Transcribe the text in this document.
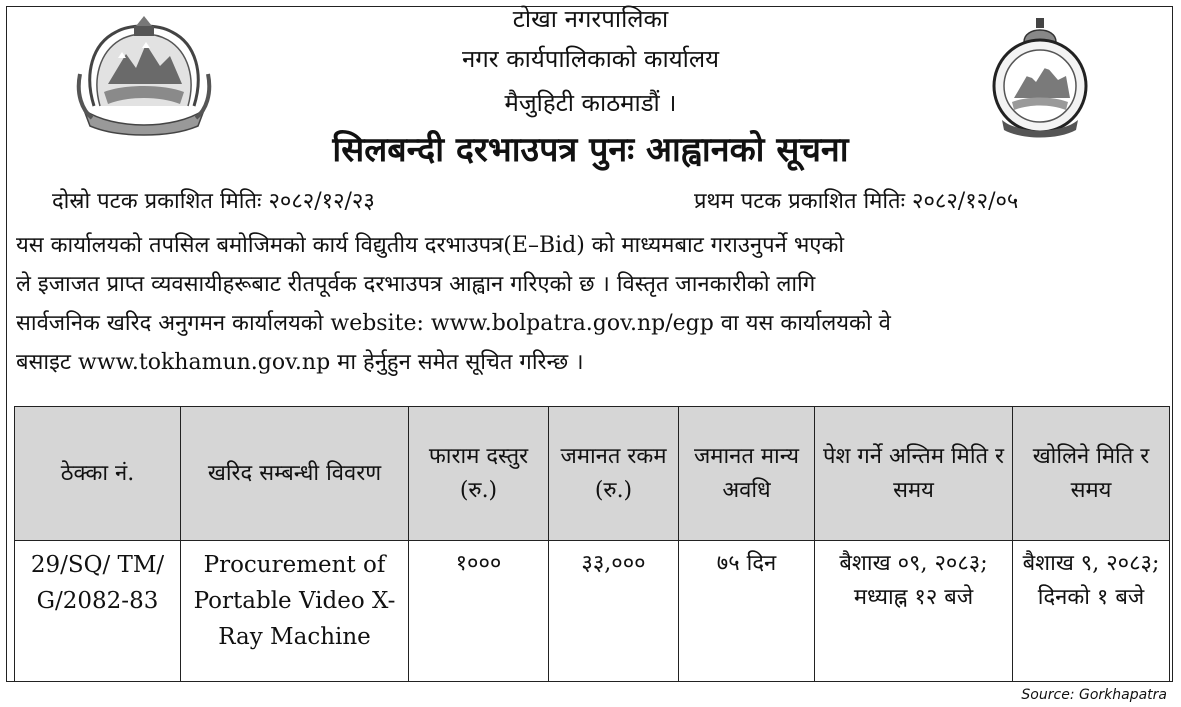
टोखा नगरपालिका
नगर कार्यपालिकाको कार्यालय
मैजुहिटी काठमाडौं ।
सिलबन्दी दरभाउपत्र पुनः आह्वानको सूचना
दोस्रो पटक प्रकाशित मितिः २०८२/१२/२३	प्रथम पटक प्रकाशित मितिः २०८२/१२/०५
यस कार्यालयको तपसिल बमोजिमको कार्य विद्युतीय दरभाउपत्र(E–Bid) को माध्यमबाट गराउनुपर्ने भएको
ले इजाजत प्राप्त व्यवसायीहरूबाट रीतपूर्वक दरभाउपत्र आह्वान गरिएको छ । विस्तृत जानकारीको लागि
सार्वजनिक खरिद अनुगमन कार्यालयको website: www.bolpatra.gov.np/egp वा यस कार्यालयको वे
बसाइट www.tokhamun.gov.np मा हेर्नुहुन समेत सूचित गरिन्छ ।
ठेक्का नं.	खरिद सम्बन्धी विवरण	फाराम दस्तुर (रु.)	जमानत रकम (रु.)	जमानत मान्य अवधि	पेश गर्ने अन्तिम मिति र समय	खोलिने मिति र समय
29/SQ/ TM/ G/2082-83	Procurement of Portable Video X-Ray Machine	१०००	३३,०००	७५ दिन	बैशाख ०९, २०८३; मध्याह्न १२ बजे	बैशाख ९, २०८३; दिनको १ बजे
Source: Gorkhapatra
